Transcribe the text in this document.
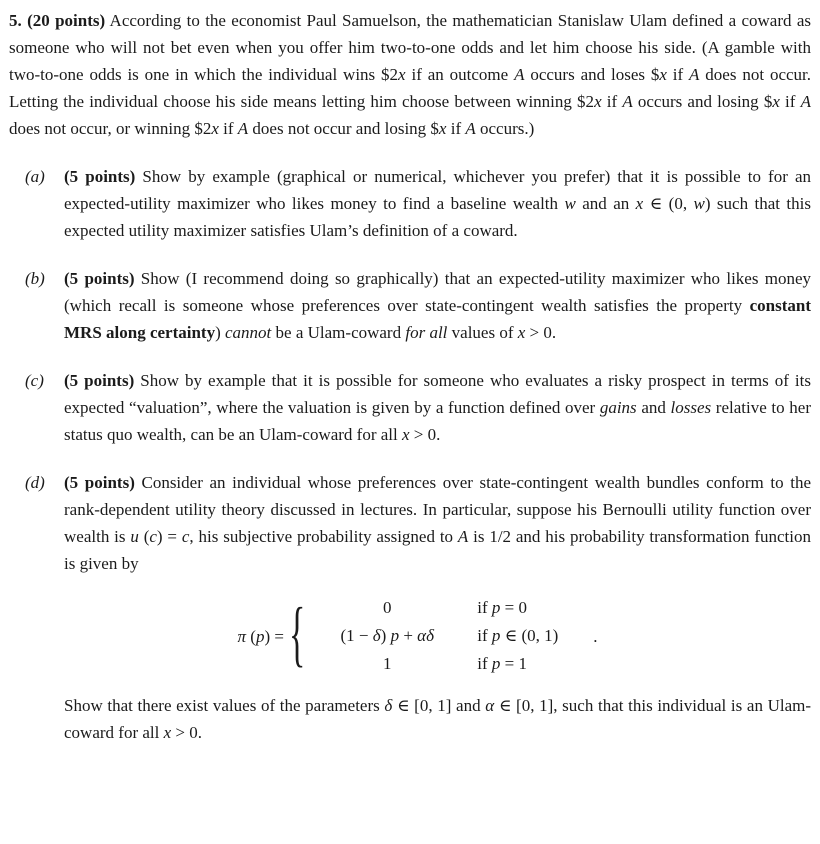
5. (20 points) According to the economist Paul Samuelson, the mathematician Stanislaw Ulam defined a coward as someone who will not bet even when you offer him two-to-one odds and let him choose his side. (A gamble with two-to-one odds is one in which the individual wins $2x if an outcome A occurs and loses $x if A does not occur. Letting the individual choose his side means letting him choose between winning $2x if A occurs and losing $x if A does not occur, or winning $2x if A does not occur and losing $x if A occurs.)

(a) (5 points) Show by example (graphical or numerical, whichever you prefer) that it is possible to for an expected-utility maximizer who likes money to find a baseline wealth w and an x ∈ (0, w) such that this expected utility maximizer satisfies Ulam’s definition of a coward.

(b) (5 points) Show (I recommend doing so graphically) that an expected-utility maximizer who likes money (which recall is someone whose preferences over state-contingent wealth satisfies the property constant MRS along certainty) cannot be a Ulam-coward for all values of x > 0.

(c) (5 points) Show by example that it is possible for someone who evaluates a risky prospect in terms of its expected “valuation”, where the valuation is given by a function defined over gains and losses relative to her status quo wealth, can be an Ulam-coward for all x > 0.

(d) (5 points) Consider an individual whose preferences over state-contingent wealth bundles conform to the rank-dependent utility theory discussed in lectures. In particular, suppose his Bernoulli utility function over wealth is u (c) = c, his subjective probability assigned to A is 1/2 and his probability transformation function is given by

π (p) = {	0	if p = 0
(1 − δ) p + αδ	if p ∈ (0, 1)
1	if p = 1
.

Show that there exist values of the parameters δ ∈ [0, 1] and α ∈ [0, 1], such that this individual is an Ulam-coward for all x > 0.
